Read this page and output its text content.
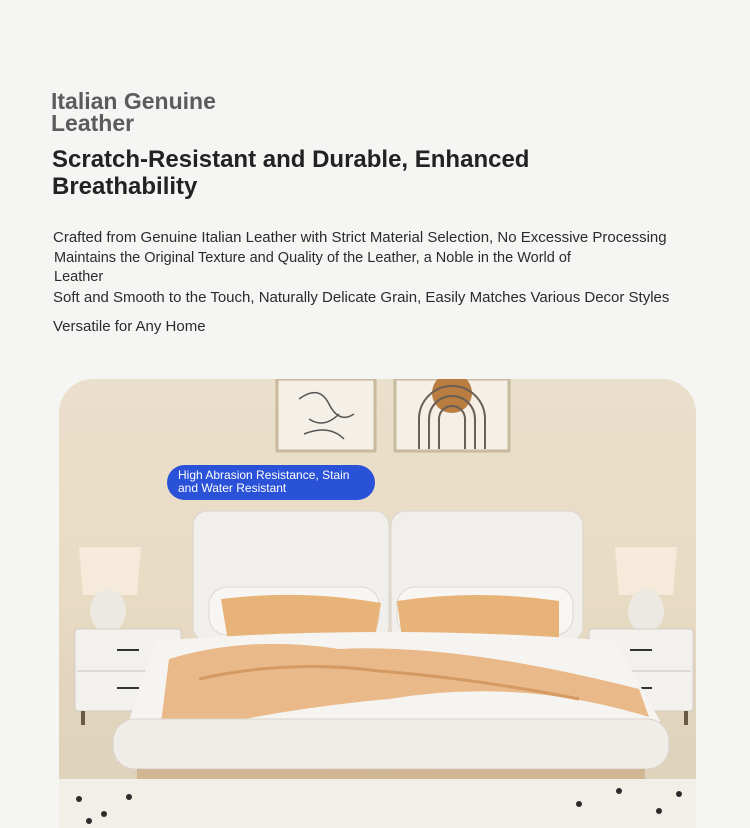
Italian Genuine Leather
Scratch-Resistant and Durable, Enhanced Breathability
Crafted from Genuine Italian Leather with Strict Material Selection, No Excessive Processing
Maintains the Original Texture and Quality of the Leather, a Noble in the World of Leather
Soft and Smooth to the Touch, Naturally Delicate Grain, Easily Matches Various Decor Styles
Versatile for Any Home
High Abrasion Resistance, Stain and Water Resistant
